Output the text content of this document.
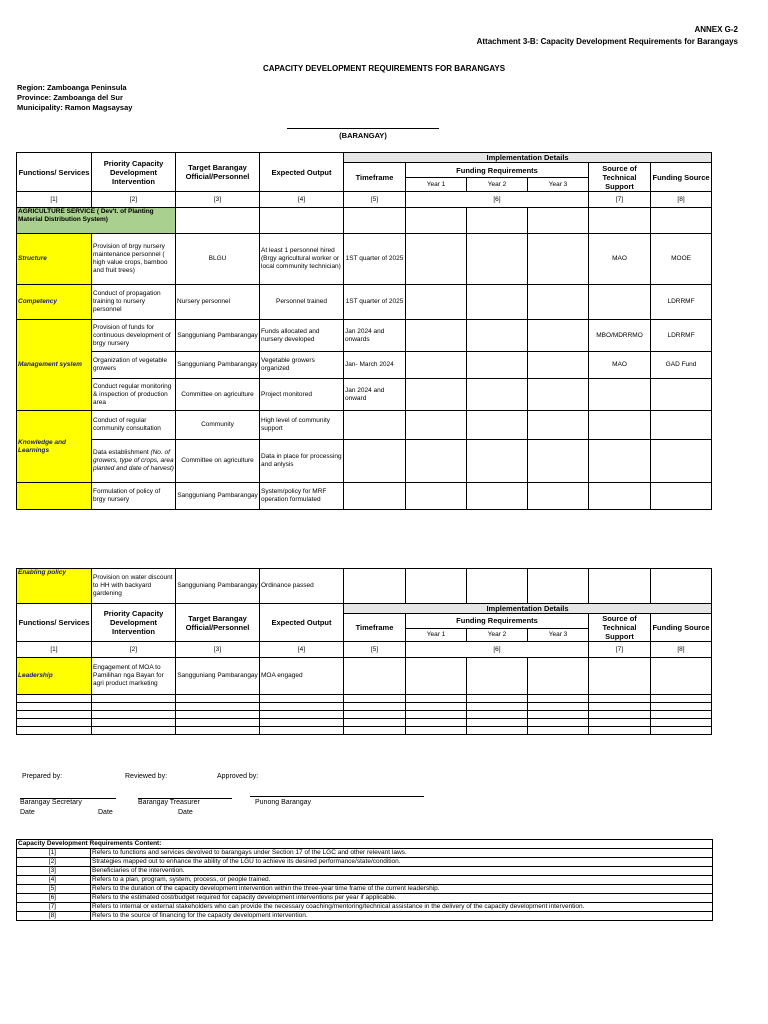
ANNEX G-2
Attachment 3-B: Capacity Development Requirements for Barangays
CAPACITY DEVELOPMENT REQUIREMENTS FOR BARANGAYS
Region: Zamboanga Peninsula
Province: Zamboanga del Sur
Municipality: Ramon Magsaysay
(BARANGAY)
Functions/ Services	Priority Capacity Development Intervention	Target Barangay Official/Personnel	Expected Output	Implementation Details					
				Timeframe	Funding Requirements			Source of Technical Support	Funding Source
					Year 1	Year 2	Year 3		
[1]	[2]	[3]	[4]	[5]	[6]			[7]	[8]
AGRICULTURE SERVICE ( Dev't. of Planting Material Distribution System)									
Structure	Provision of brgy nursery maintenance personnel ( high value crops, bamboo and fruit trees)	BLGU	At least 1 personnel hired (Brgy agricultural worker or local community technician)	1ST quarter of 2025				MAO	MOOE
Competency	Conduct of propagation training to nursery personnel	Nursery personnel	Personnel trained	1ST quarter of 2025					LDRRMF
Management system	Provision of funds for continuous development of brgy nursery	Sangguniang Pambarangay	Funds allocated and nursery developed	Jan 2024 and onwards				MBO/MDRRMO	LDRRMF
	Organization of vegetable growers	Sangguniang Pambarangay	Vegetable growers organized	Jan- March 2024				MAO	GAD Fund
	Conduct regular monitoring & inspection of production area	Committee on agriculture	Project monitored	Jan 2024 and onward					
Knowledge and Learnings	Conduct of regular community consultation	Community	High level of community support						
	Data establishment (No. of growers, type of crops, area planted and date of harvest)	Committee on agriculture	Data in place for processing and anlysis						
	Formulation of policy of brgy nursery	Sangguniang Pambarangay	System/policy for MRF operation formulated						
Enabling policy	Provision on water discount to HH with backyard gardening	Sangguniang Pambarangay	Ordinance passed						
Functions/ Services	Priority Capacity Development Intervention	Target Barangay Official/Personnel	Expected Output	Implementation Details					
				Timeframe	Funding Requirements			Source of Technical Support	Funding Source
					Year 1	Year 2	Year 3		
[1]	[2]	[3]	[4]	[5]	[6]			[7]	[8]
Leadership	Engagement of MOA to Pamilihan nga Bayan for agri product marketing	Sangguniang Pambarangay	MOA engaged						

Prepared by:	Reviewed by:	Approved by:
Barangay Secretary	Barangay Treasurer	Punong Barangay
Date	Date	Date
Capacity Development Requirements Content:	
[1]	Refers to functions and services devolved to barangays under Section 17 of the LGC and other relevant laws.
[2]	Strategies mapped out to enhance the ability of the LGU to achieve its desired performance/state/condition.
[3]	Beneficiaries of the intervention.
[4]	Refers to a plan, program, system, process, or people trained.
[5]	Refers to the duration of the capacity development intervention within the three-year time frame of the current leadership.
[6]	Refers to the estimated cost/budget required for capacity development interventions per year if applicable.
[7]	Refers to internal or external stakeholders who can provide the necessary coaching/mentoring/technical assistance in the delivery of the capacity development intervention.
[8]	Refers to the source of financing for the capacity development intervention.
